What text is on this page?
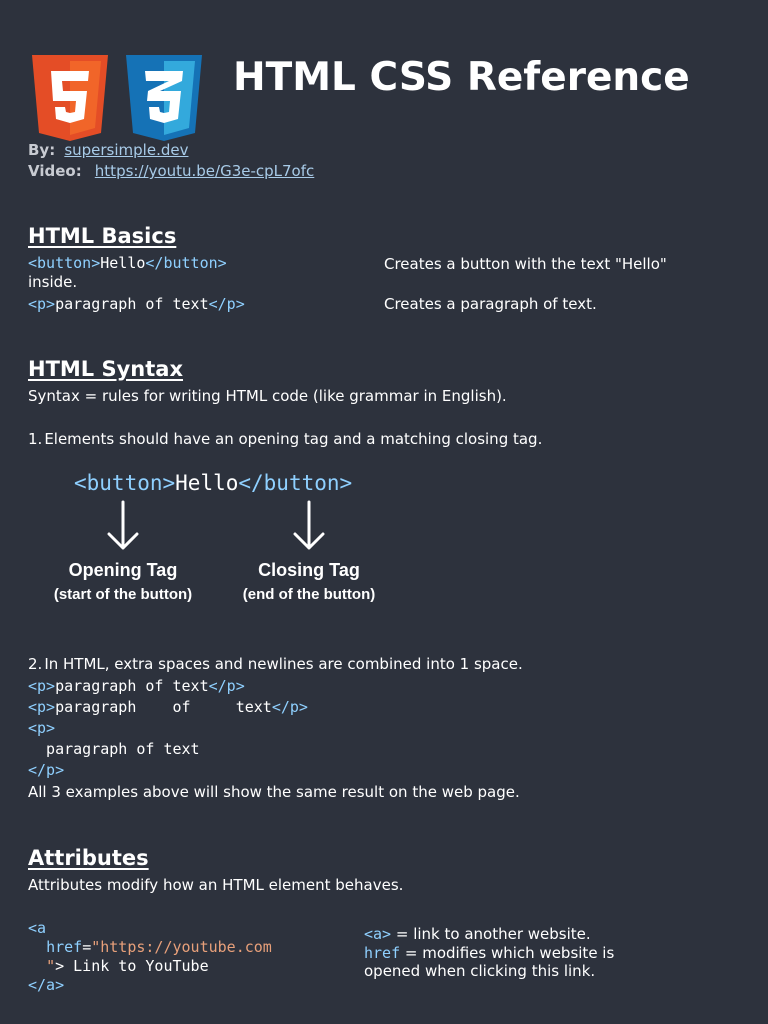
HTML CSS Reference
By: supersimple.dev
Video: https://youtu.be/G3e-cpL7ofc
HTML Basics
<button>Hello</button>	Creates a button with the text "Hello"
inside.
<p>paragraph of text</p>	Creates a paragraph of text.
HTML Syntax
Syntax = rules for writing HTML code (like grammar in English).
1. Elements should have an opening tag and a matching closing tag.
<button>Hello</button>
Opening Tag
(start of the button)
Closing Tag
(end of the button)
2. In HTML, extra spaces and newlines are combined into 1 space.
<p>paragraph of text</p>
<p>paragraph    of     text</p>
<p>
paragraph of text
</p>
All 3 examples above will show the same result on the web page.
Attributes
Attributes modify how an HTML element behaves.
<a
href="https://youtube.com
"> Link to YouTube
</a>
<a> = link to another website.
href = modifies which website is
opened when clicking this link.
